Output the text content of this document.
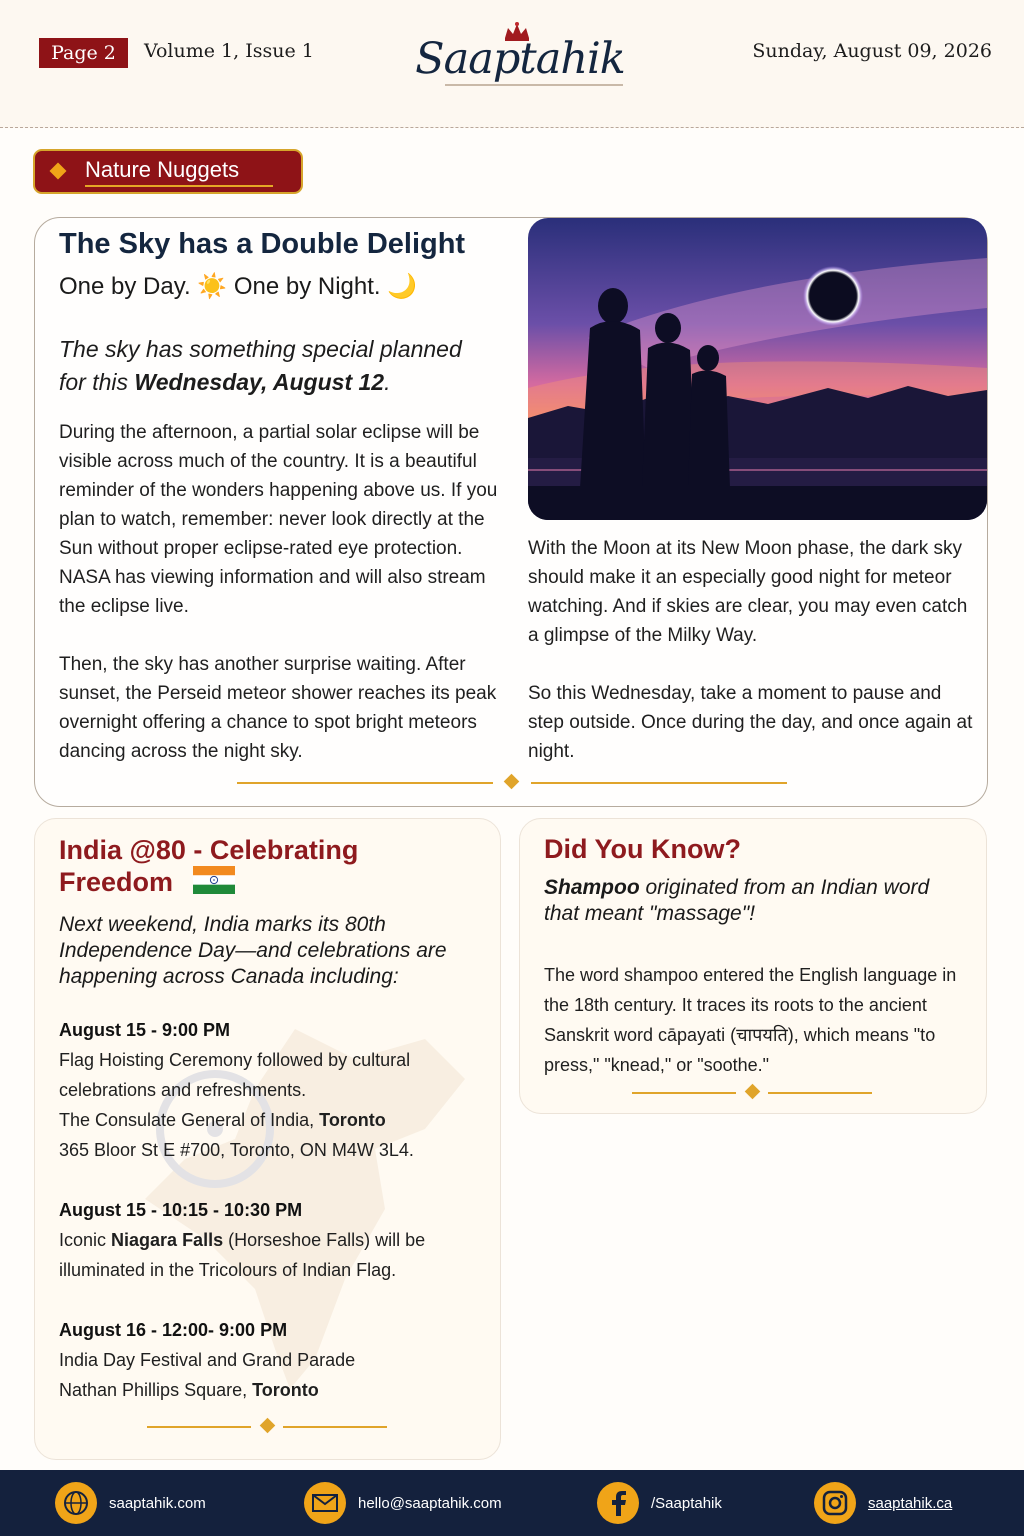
Page 2	Volume 1, Issue 1 Saaptahik	Sunday, August 09, 2026
Nature Nuggets
The Sky has a Double Delight
One by Day. ☀️ One by Night. 🌙
The sky has something special planned for this Wednesday, August 12.
During the afternoon, a partial solar eclipse will be visible across much of the country. It is a beautiful reminder of the wonders happening above us. If you plan to watch, remember: never look directly at the Sun without proper eclipse-rated eye protection. NASA has viewing information and will also stream the eclipse live.
Then, the sky has another surprise waiting. After sunset, the Perseid meteor shower reaches its peak overnight offering a chance to spot bright meteors dancing across the night sky.
With the Moon at its New Moon phase, the dark sky should make it an especially good night for meteor watching. And if skies are clear, you may even catch a glimpse of the Milky Way.
So this Wednesday, take a moment to pause and step outside. Once during the day, and once again at night.
India @80 - Celebrating Freedom
Next weekend, India marks its 80th Independence Day—and celebrations are happening across Canada including:
August 15 - 9:00 PM
Flag Hoisting Ceremony followed by cultural celebrations and refreshments.
The Consulate General of India, Toronto
365 Bloor St E #700, Toronto, ON M4W 3L4.
August 15 - 10:15 - 10:30 PM
Iconic Niagara Falls (Horseshoe Falls) will be illuminated in the Tricolours of Indian Flag.
August 16 - 12:00- 9:00 PM
India Day Festival and Grand Parade
Nathan Phillips Square, Toronto
Did You Know?
Shampoo originated from an Indian word that meant "massage"!
The word shampoo entered the English language in the 18th century. It traces its roots to the ancient Sanskrit word cāpayati (चापयति), which means "to press," "knead," or "soothe."
saaptahik.com	hello@saaptahik.com	/Saaptahik	saaptahik.ca
